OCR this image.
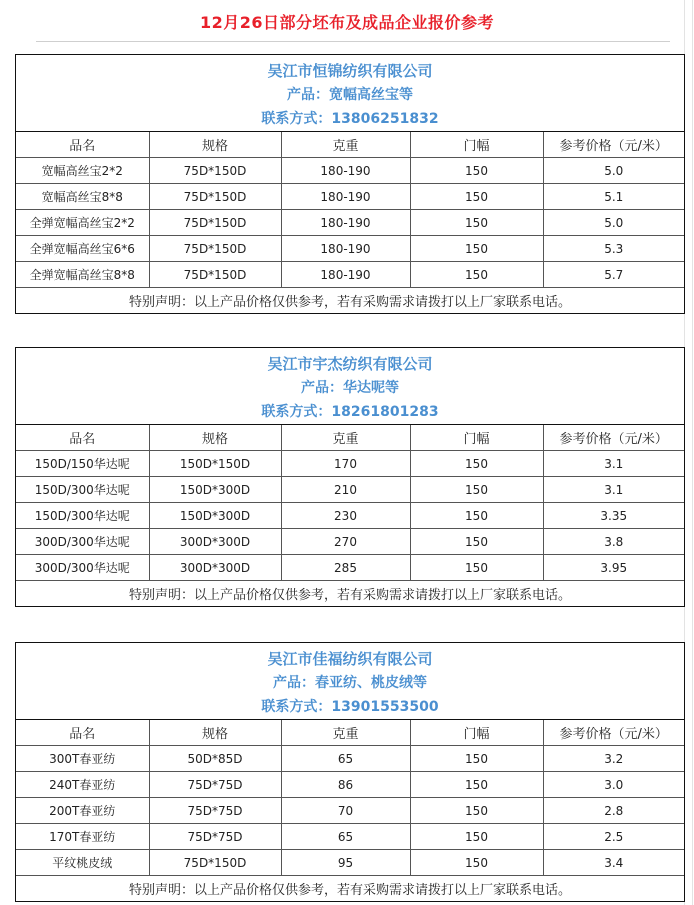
12月26日部分坯布及成品企业报价参考
吴江市恒锦纺织有限公司
产品：宽幅高丝宝等
联系方式：13806251832
品名	规格	克重	门幅	参考价格（元/米）
宽幅高丝宝2*2	75D*150D	180-190	150	5.0
宽幅高丝宝8*8	75D*150D	180-190	150	5.1
全弹宽幅高丝宝2*2	75D*150D	180-190	150	5.0
全弹宽幅高丝宝6*6	75D*150D	180-190	150	5.3
全弹宽幅高丝宝8*8	75D*150D	180-190	150	5.7
特别声明：以上产品价格仅供参考，若有采购需求请拨打以上厂家联系电话。				
吴江市宇杰纺织有限公司
产品：华达呢等
联系方式：18261801283
品名	规格	克重	门幅	参考价格（元/米）
150D/150华达呢	150D*150D	170	150	3.1
150D/300华达呢	150D*300D	210	150	3.1
150D/300华达呢	150D*300D	230	150	3.35
300D/300华达呢	300D*300D	270	150	3.8
300D/300华达呢	300D*300D	285	150	3.95
特别声明：以上产品价格仅供参考，若有采购需求请拨打以上厂家联系电话。				
吴江市佳福纺织有限公司
产品：春亚纺、桃皮绒等
联系方式：13901553500
品名	规格	克重	门幅	参考价格（元/米）
300T春亚纺	50D*85D	65	150	3.2
240T春亚纺	75D*75D	86	150	3.0
200T春亚纺	75D*75D	70	150	2.8
170T春亚纺	75D*75D	65	150	2.5
平纹桃皮绒	75D*150D	95	150	3.4
特别声明：以上产品价格仅供参考，若有采购需求请拨打以上厂家联系电话。				
